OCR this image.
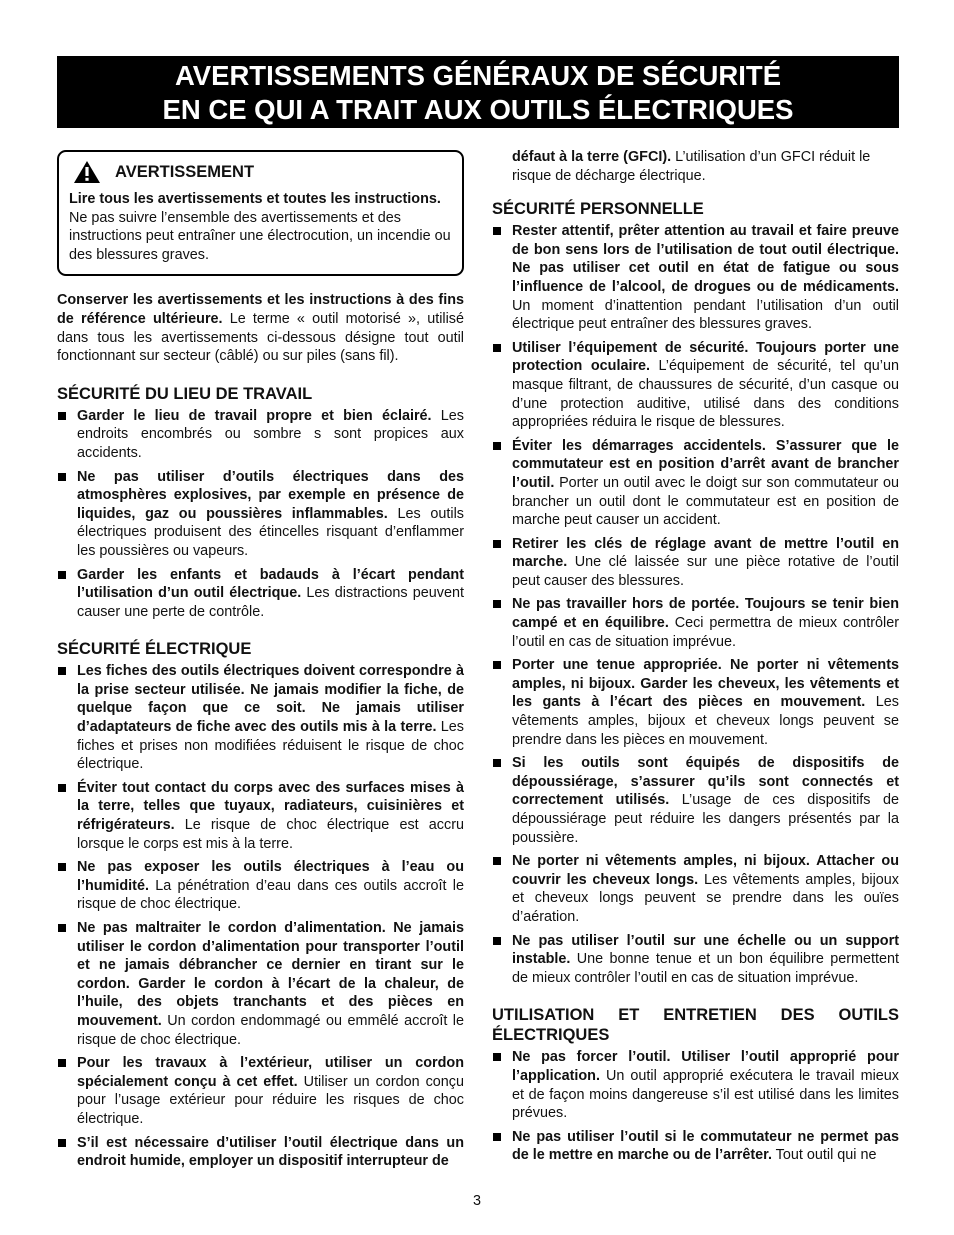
AVERTISSEMENTS GÉNÉRAUX DE SÉCURITÉ
EN CE QUI A TRAIT AUX OUTILS ÉLECTRIQUES
AVERTISSEMENT

Lire tous les avertissements et toutes les instructions. Ne pas suivre l’ensemble des avertissements et des instructions peut entraîner une électrocution, un incendie ou des blessures graves.

Conserver les avertissements et les instructions à des fins de référence ultérieure. Le terme « outil motorisé », utilisé dans tous les avertissements ci-dessous désigne tout outil fonctionnant sur secteur (câblé) ou sur piles (sans fil).

SÉCURITÉ DU LIEU DE TRAVAIL
Garder le lieu de travail propre et bien éclairé. Les endroits encombrés ou sombre s sont propices aux accidents.
Ne pas utiliser d’outils électriques dans des atmosphères explosives, par exemple en présence de liquides, gaz ou poussières inflammables. Les outils électriques produisent des étincelles risquant d’enflammer les poussières ou vapeurs.
Garder les enfants et badauds à l’écart pendant l’utilisation d’un outil électrique. Les distractions peuvent causer une perte de contrôle.
SÉCURITÉ ÉLECTRIQUE
Les fiches des outils électriques doivent correspondre à la prise secteur utilisée. Ne jamais modifier la fiche, de quelque façon que ce soit. Ne jamais utiliser d’adaptateurs de fiche avec des outils mis à la terre. Les fiches et prises non modifiées réduisent le risque de choc électrique.
Éviter tout contact du corps avec des surfaces mises à la terre, telles que tuyaux, radiateurs, cuisinières et réfrigérateurs. Le risque de choc électrique est accru lorsque le corps est mis à la terre.
Ne pas exposer les outils électriques à l’eau ou l’humidité. La pénétration d’eau dans ces outils accroît le risque de choc électrique.
Ne pas maltraiter le cordon d’alimentation. Ne jamais utiliser le cordon d’alimentation pour transporter l’outil et ne jamais débrancher ce dernier en tirant sur le cordon. Garder le cordon à l’écart de la chaleur, de l’huile, des objets tranchants et des pièces en mouvement. Un cordon endommagé ou emmêlé accroît le risque de choc électrique.
Pour les travaux à l’extérieur, utiliser un cordon spécialement conçu à cet effet. Utiliser un cordon conçu pour l’usage extérieur pour réduire les risques de choc électrique.
S’il est nécessaire d’utiliser l’outil électrique dans un endroit humide, employer un dispositif interrupteur de

défaut à la terre (GFCI). L’utilisation d’un GFCI réduit le risque de décharge électrique.

SÉCURITÉ PERSONNELLE
Rester attentif, prêter attention au travail et faire preuve de bon sens lors de l’utilisation de tout outil électrique. Ne pas utiliser cet outil en état de fatigue ou sous l’influence de l’alcool, de drogues ou de médicaments. Un moment d’inattention pendant l’utilisation d’un outil électrique peut entraîner des blessures graves.
Utiliser l’équipement de sécurité. Toujours porter une protection oculaire. L’équipement de sécurité, tel qu’un masque filtrant, de chaussures de sécurité, d’un casque ou d’une protection auditive, utilisé dans des conditions appropriées réduira le risque de blessures.
Éviter les démarrages accidentels. S’assurer que le commutateur est en position d’arrêt avant de brancher l’outil. Porter un outil avec le doigt sur son commutateur ou brancher un outil dont le commutateur est en position de marche peut causer un accident.
Retirer les clés de réglage avant de mettre l’outil en marche. Une clé laissée sur une pièce rotative de l’outil peut causer des blessures.
Ne pas travailler hors de portée. Toujours se tenir bien campé et en équilibre. Ceci permettra de mieux contrôler l’outil en cas de situation imprévue.
Porter une tenue appropriée. Ne porter ni vêtements amples, ni bijoux. Garder les cheveux, les vêtements et les gants à l’écart des pièces en mouvement. Les vêtements amples, bijoux et cheveux longs peuvent se prendre dans les pièces en mouvement.
Si les outils sont équipés de dispositifs de dépoussiérage, s’assurer qu’ils sont connectés et correctement utilisés. L’usage de ces dispositifs de dépoussiérage peut réduire les dangers présentés par la poussière.
Ne porter ni vêtements amples, ni bijoux. Attacher ou couvrir les cheveux longs. Les vêtements amples, bijoux et cheveux longs peuvent se prendre dans les ouïes d’aération.
Ne pas utiliser l’outil sur une échelle ou un support instable. Une bonne tenue et un bon équilibre permettent de mieux contrôler l’outil en cas de situation imprévue.
UTILISATION ET ENTRETIEN DES OUTILS ÉLECTRIQUES
Ne pas forcer l’outil. Utiliser l’outil approprié pour l’application. Un outil approprié exécutera le travail mieux et de façon moins dangereuse s’il est utilisé dans les limites prévues.
Ne pas utiliser l’outil si le commutateur ne permet pas de le mettre en marche ou de l’arrêter. Tout outil qui ne
3
